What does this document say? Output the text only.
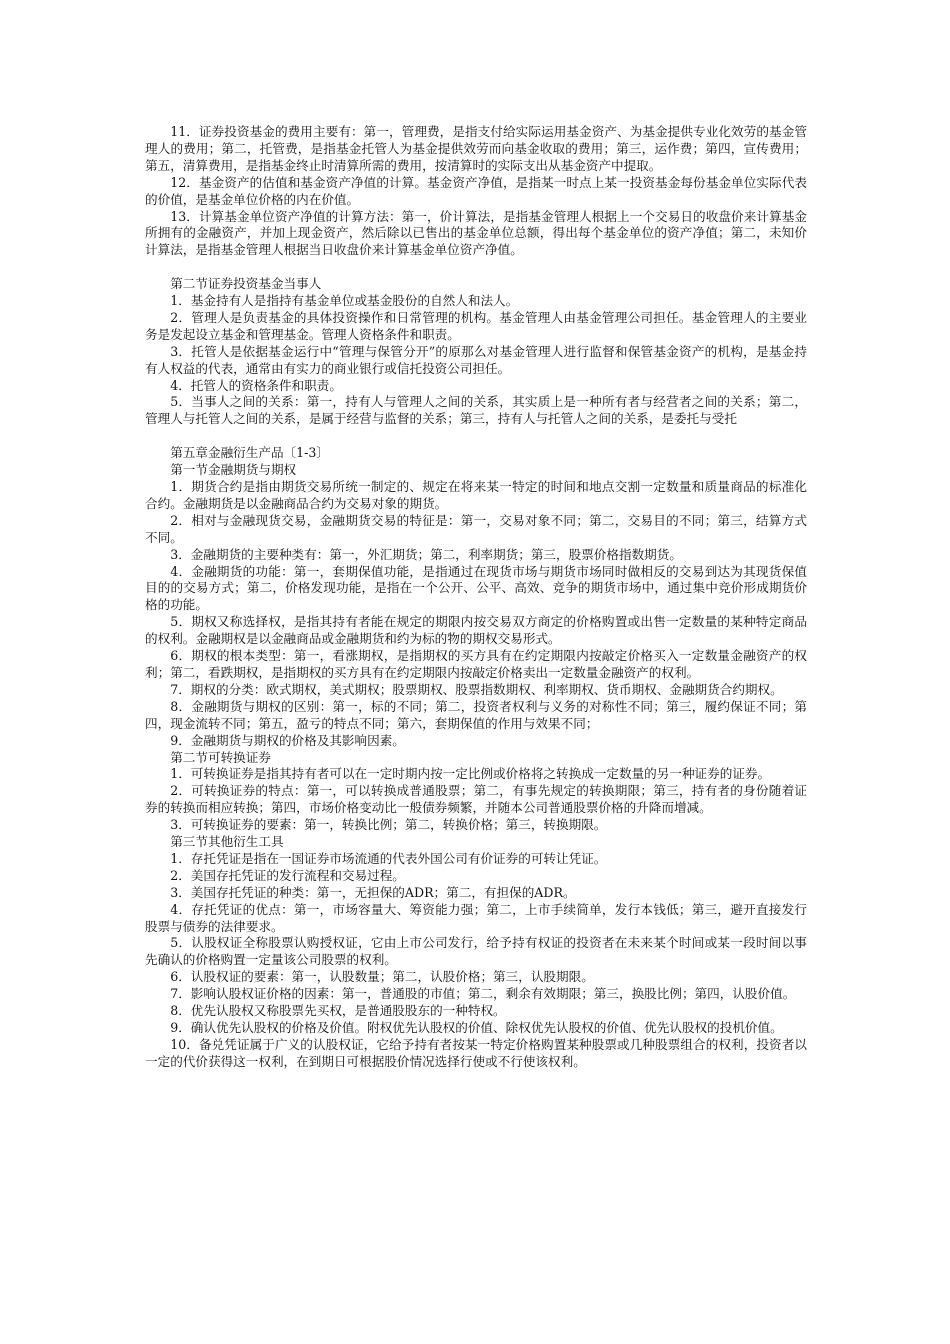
11．证券投资基金的费用主要有：第一，管理费，是指支付给实际运用基金资产、为基金提供专业化效劳的基金管理人的费用；第二，托管费，是指基金托管人为基金提供效劳而向基金收取的费用；第三，运作费；第四，宣传费用；第五，清算费用，是指基金终止时清算所需的费用，按清算时的实际支出从基金资产中提取。

12．基金资产的估值和基金资产净值的计算。基金资产净值，是指某一时点上某一投资基金每份基金单位实际代表的价值，是基金单位价格的内在价值。

13．计算基金单位资产净值的计算方法：第一，价计算法，是指基金管理人根据上一个交易日的收盘价来计算基金所拥有的金融资产，并加上现金资产，然后除以已售出的基金单位总额，得出每个基金单位的资产净值；第二，未知价计算法，是指基金管理人根据当日收盘价来计算基金单位资产净值。

第二节证券投资基金当事人

1．基金持有人是指持有基金单位或基金股份的自然人和法人。

2．管理人是负责基金的具体投资操作和日常管理的机构。基金管理人由基金管理公司担任。基金管理人的主要业务是发起设立基金和管理基金。管理人资格条件和职责。

3．托管人是依据基金运行中“管理与保管分开”的原那么对基金管理人进行监督和保管基金资产的机构，是基金持有人权益的代表，通常由有实力的商业银行或信托投资公司担任。

4．托管人的资格条件和职责。

5．当事人之间的关系：第一，持有人与管理人之间的关系，其实质上是一种所有者与经营者之间的关系；第二，管理人与托管人之间的关系，是属于经营与监督的关系；第三，持有人与托管人之间的关系，是委托与受托

第五章金融衍生产品〔1-3〕

第一节金融期货与期权

1．期货合约是指由期货交易所统一制定的、规定在将来某一特定的时间和地点交割一定数量和质量商品的标准化合约。金融期货是以金融商品合约为交易对象的期货。

2．相对与金融现货交易，金融期货交易的特征是：第一，交易对象不同；第二，交易目的不同；第三，结算方式不同。

3．金融期货的主要种类有：第一，外汇期货；第二，利率期货；第三，股票价格指数期货。

4．金融期货的功能：第一，套期保值功能，是指通过在现货市场与期货市场同时做相反的交易到达为其现货保值目的的交易方式；第二，价格发现功能，是指在一个公开、公平、高效、竞争的期货市场中，通过集中竞价形成期货价格的功能。

5．期权又称选择权，是指其持有者能在规定的期限内按交易双方商定的价格购置或出售一定数量的某种特定商品的权利。金融期权是以金融商品或金融期货和约为标的物的期权交易形式。

6．期权的根本类型：第一，看涨期权，是指期权的买方具有在约定期限内按敲定价格买入一定数量金融资产的权利；第二，看跌期权，是指期权的买方具有在约定期限内按敲定价格卖出一定数量金融资产的权利。

7．期权的分类：欧式期权，美式期权；股票期权、股票指数期权、利率期权、货币期权、金融期货合约期权。

8．金融期货与期权的区别：第一，标的不同；第二，投资者权利与义务的对称性不同；第三，履约保证不同；第四，现金流转不同；第五，盈亏的特点不同；第六，套期保值的作用与效果不同；

9．金融期货与期权的价格及其影响因素。

第二节可转换证券

1．可转换证券是指其持有者可以在一定时期内按一定比例或价格将之转换成一定数量的另一种证券的证券。

2．可转换证券的特点：第一，可以转换成普通股票；第二，有事先规定的转换期限；第三，持有者的身份随着证券的转换而相应转换；第四，市场价格变动比一般债券频繁，并随本公司普通股票价格的升降而增减。

3．可转换证券的要素：第一，转换比例；第二，转换价格；第三，转换期限。

第三节其他衍生工具

1．存托凭证是指在一国证券市场流通的代表外国公司有价证券的可转让凭证。

2．美国存托凭证的发行流程和交易过程。

3．美国存托凭证的种类：第一，无担保的ADR；第二，有担保的ADR。

4．存托凭证的优点：第一，市场容量大、筹资能力强；第二，上市手续简单，发行本钱低；第三，避开直接发行股票与债券的法律要求。

5．认股权证全称股票认购授权证，它由上市公司发行，给予持有权证的投资者在未来某个时间或某一段时间以事先确认的价格购置一定量该公司股票的权利。

6．认股权证的要素：第一，认股数量；第二，认股价格；第三，认股期限。

7．影响认股权证价格的因素：第一，普通股的市值；第二，剩余有效期限；第三，换股比例；第四，认股价值。

8．优先认股权又称股票先买权，是普通股股东的一种特权。

9．确认优先认股权的价格及价值。附权优先认股权的价值、除权优先认股权的价值、优先认股权的投机价值。

10．备兑凭证属于广义的认股权证，它给予持有者按某一特定价格购置某种股票或几种股票组合的权利，投资者以一定的代价获得这一权利，在到期日可根据股价情况选择行使或不行使该权利。
